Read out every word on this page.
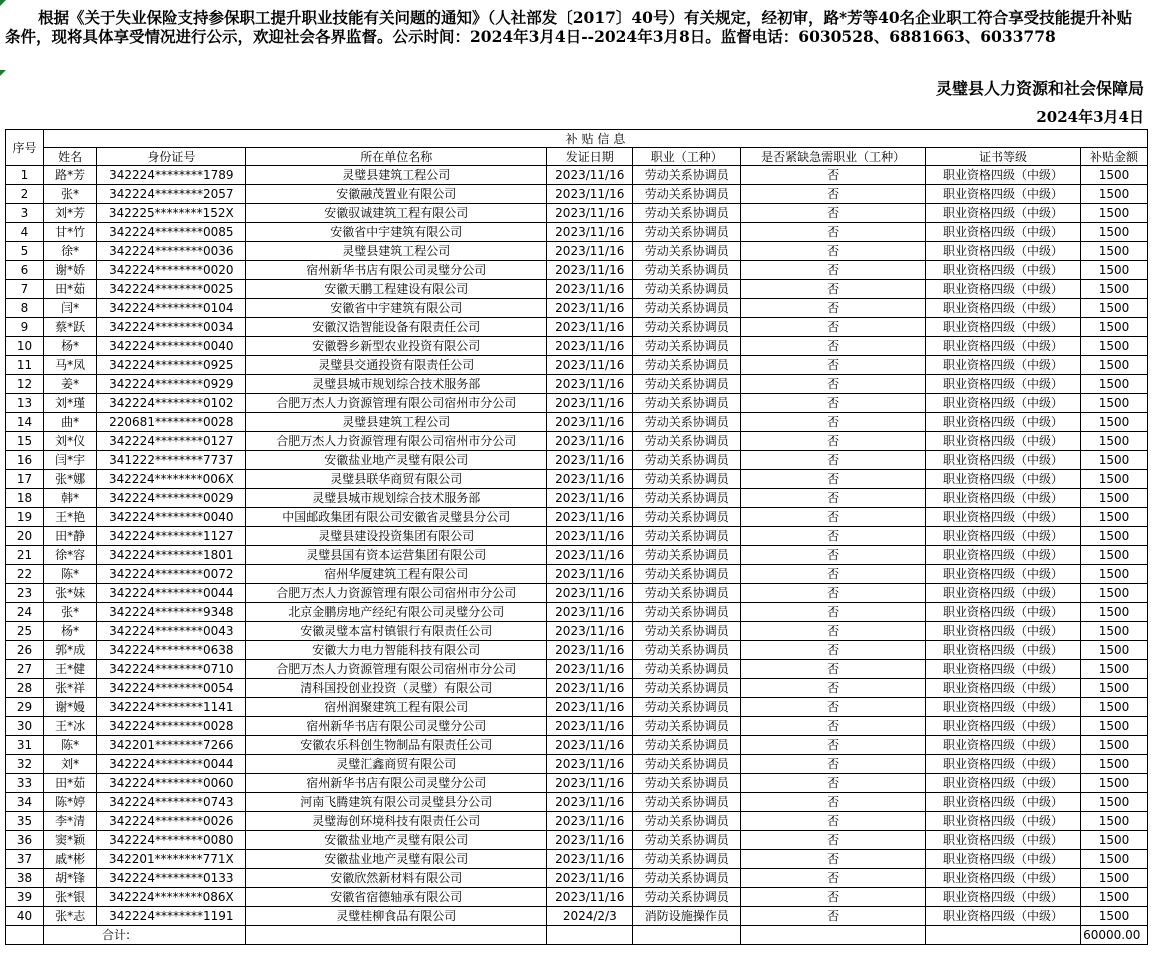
根据《关于失业保险支持参保职工提升职业技能有关问题的通知》（人社部发〔2017〕40号）有关规定，经初审，路*芳等40名企业职工符合享受技能提升补贴条件，现将具体享受情况进行公示，欢迎社会各界监督。公示时间：2024年3月4日--2024年3月8日。监督电话：6030528、6881663、6033778

灵璧县人力资源和社会保障局
2024年3月4日
序号	补 贴 信 息							
	姓名	身份证号	所在单位名称	发证日期	职业（工种）	是否紧缺急需职业（工种）	证书等级	补贴金额
1	路*芳	342224********1789	灵璧县建筑工程公司	2023/11/16	劳动关系协调员	否	职业资格四级（中级）	1500
2	张*	342224********2057	安徽融茂置业有限公司	2023/11/16	劳动关系协调员	否	职业资格四级（中级）	1500
3	刘*芳	342225********152X	安徽驭诚建筑工程有限公司	2023/11/16	劳动关系协调员	否	职业资格四级（中级）	1500
4	甘*竹	342224********0085	安徽省中宇建筑有限公司	2023/11/16	劳动关系协调员	否	职业资格四级（中级）	1500
5	徐*	342224********0036	灵璧县建筑工程公司	2023/11/16	劳动关系协调员	否	职业资格四级（中级）	1500
6	谢*娇	342224********0020	宿州新华书店有限公司灵璧分公司	2023/11/16	劳动关系协调员	否	职业资格四级（中级）	1500
7	田*茹	342224********0025	安徽天鹏工程建设有限公司	2023/11/16	劳动关系协调员	否	职业资格四级（中级）	1500
8	闫*	342224********0104	安徽省中宇建筑有限公司	2023/11/16	劳动关系协调员	否	职业资格四级（中级）	1500
9	蔡*跃	342224********0034	安徽汉诰智能设备有限责任公司	2023/11/16	劳动关系协调员	否	职业资格四级（中级）	1500
10	杨*	342224********0040	安徽磬乡新型农业投资有限公司	2023/11/16	劳动关系协调员	否	职业资格四级（中级）	1500
11	马*凤	342224********0925	灵璧县交通投资有限责任公司	2023/11/16	劳动关系协调员	否	职业资格四级（中级）	1500
12	姜*	342224********0929	灵璧县城市规划综合技术服务部	2023/11/16	劳动关系协调员	否	职业资格四级（中级）	1500
13	刘*瑾	342224********0102	合肥万杰人力资源管理有限公司宿州市分公司	2023/11/16	劳动关系协调员	否	职业资格四级（中级）	1500
14	曲*	220681********0028	灵璧县建筑工程公司	2023/11/16	劳动关系协调员	否	职业资格四级（中级）	1500
15	刘*仪	342224********0127	合肥万杰人力资源管理有限公司宿州市分公司	2023/11/16	劳动关系协调员	否	职业资格四级（中级）	1500
16	闫*宇	341222********7737	安徽盐业地产灵璧有限公司	2023/11/16	劳动关系协调员	否	职业资格四级（中级）	1500
17	张*娜	342224********006X	灵璧县联华商贸有限公司	2023/11/16	劳动关系协调员	否	职业资格四级（中级）	1500
18	韩*	342224********0029	灵璧县城市规划综合技术服务部	2023/11/16	劳动关系协调员	否	职业资格四级（中级）	1500
19	王*艳	342224********0040	中国邮政集团有限公司安徽省灵璧县分公司	2023/11/16	劳动关系协调员	否	职业资格四级（中级）	1500
20	田*静	342224********1127	灵璧县建设投资集团有限公司	2023/11/16	劳动关系协调员	否	职业资格四级（中级）	1500
21	徐*容	342224********1801	灵璧县国有资本运营集团有限公司	2023/11/16	劳动关系协调员	否	职业资格四级（中级）	1500
22	陈*	342224********0072	宿州华厦建筑工程有限公司	2023/11/16	劳动关系协调员	否	职业资格四级（中级）	1500
23	张*妹	342224********0044	合肥万杰人力资源管理有限公司宿州市分公司	2023/11/16	劳动关系协调员	否	职业资格四级（中级）	1500
24	张*	342224********9348	北京金鹏房地产经纪有限公司灵璧分公司	2023/11/16	劳动关系协调员	否	职业资格四级（中级）	1500
25	杨*	342224********0043	安徽灵璧本富村镇银行有限责任公司	2023/11/16	劳动关系协调员	否	职业资格四级（中级）	1500
26	郭*成	342224********0638	安徽大力电力智能科技有限公司	2023/11/16	劳动关系协调员	否	职业资格四级（中级）	1500
27	王*健	342224********0710	合肥万杰人力资源管理有限公司宿州市分公司	2023/11/16	劳动关系协调员	否	职业资格四级（中级）	1500
28	张*祥	342224********0054	清科国投创业投资（灵璧）有限公司	2023/11/16	劳动关系协调员	否	职业资格四级（中级）	1500
29	谢*嫚	342224********1141	宿州润聚建筑工程有限公司	2023/11/16	劳动关系协调员	否	职业资格四级（中级）	1500
30	王*冰	342224********0028	宿州新华书店有限公司灵璧分公司	2023/11/16	劳动关系协调员	否	职业资格四级（中级）	1500
31	陈*	342201********7266	安徽农乐科创生物制品有限责任公司	2023/11/16	劳动关系协调员	否	职业资格四级（中级）	1500
32	刘*	342224********0044	灵璧汇鑫商贸有限公司	2023/11/16	劳动关系协调员	否	职业资格四级（中级）	1500
33	田*茹	342224********0060	宿州新华书店有限公司灵璧分公司	2023/11/16	劳动关系协调员	否	职业资格四级（中级）	1500
34	陈*婷	342224********0743	河南飞腾建筑有限公司灵璧县分公司	2023/11/16	劳动关系协调员	否	职业资格四级（中级）	1500
35	李*清	342224********0026	灵璧海创环境科技有限责任公司	2023/11/16	劳动关系协调员	否	职业资格四级（中级）	1500
36	窦*颖	342224********0080	安徽盐业地产灵璧有限公司	2023/11/16	劳动关系协调员	否	职业资格四级（中级）	1500
37	戚*彬	342201********771X	安徽盐业地产灵璧有限公司	2023/11/16	劳动关系协调员	否	职业资格四级（中级）	1500
38	胡*锋	342224********0133	安徽欣然新材料有限公司	2023/11/16	劳动关系协调员	否	职业资格四级（中级）	1500
39	张*银	342224********086X	安徽省宿德轴承有限公司	2023/11/16	劳动关系协调员	否	职业资格四级（中级）	1500
40	张*志	342224********1191	灵璧桂柳食品有限公司	2024/2/3	消防设施操作员	否	职业资格四级（中级）	1500
	合计:							60000.00
